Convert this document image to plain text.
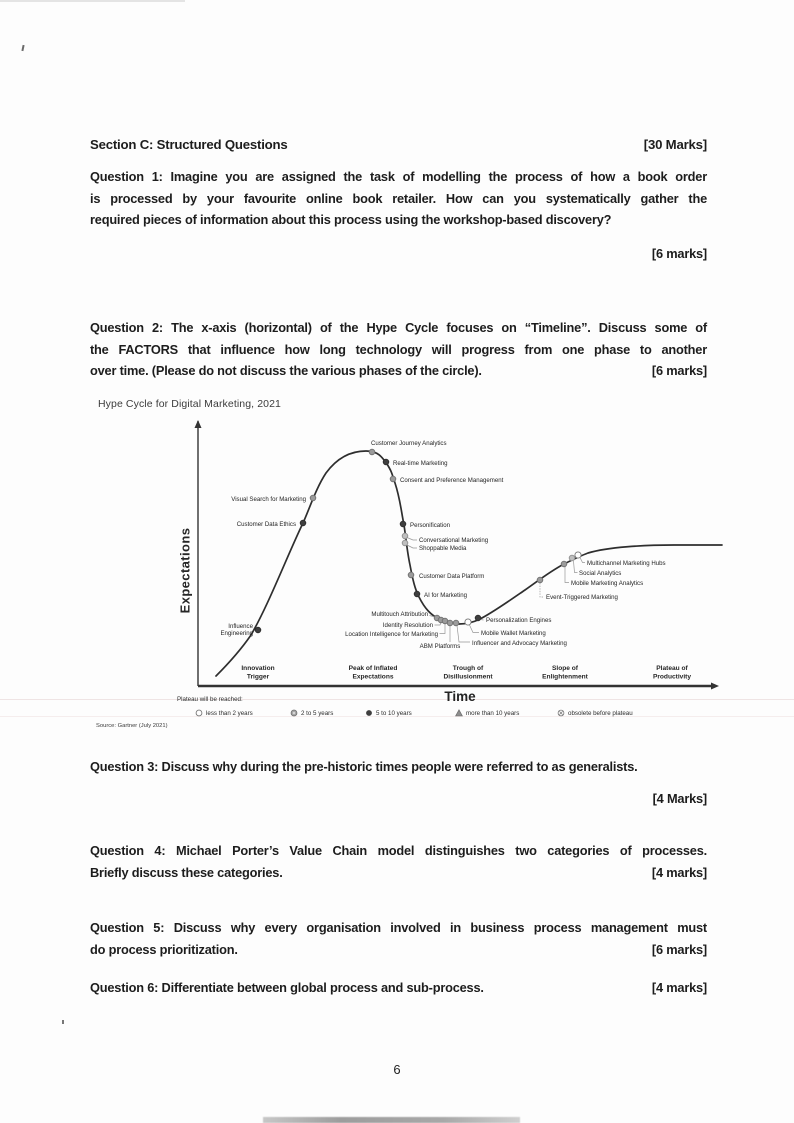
Section C: Structured Questions	[30 Marks]
Question 1: Imagine you are assigned the task of modelling the process of how a book order
is processed by your favourite online book retailer. How can you systematically gather the
required pieces of information about this process using the workshop-based discovery?
[6 marks]
Question 2: The x-axis (horizontal) of the Hype Cycle focuses on “Timeline”. Discuss some of
the FACTORS that influence how long technology will progress from one phase to another
over time. (Please do not discuss the various phases of the circle).	[6 marks]
Hype Cycle for Digital Marketing, 2021
Expectations
Innovation
Trigger
Peak of Inflated
Expectations
Trough of
Disillusionment
Slope of
Enlightenment
Plateau of
Productivity
Influence
Engineering
Customer Data Ethics
Visual Search for Marketing
Customer Journey Analytics
Real-time Marketing
Consent and Preference Management
Personification
Conversational Marketing
Shoppable Media
Customer Data Platform
AI for Marketing
Multitouch Attribution
Identity Resolution
Location Intelligence for Marketing
ABM Platforms Influencer and Advocacy Marketing
Mobile Wallet Marketing
Personalization Engines
Event-Triggered Marketing
Mobile Marketing Analytics
Social Analytics
Multichannel Marketing Hubs
Time
Plateau will be reached:
less than 2 years	2 to 5 years	5 to 10 years	more than 10 years	obsolete before plateau
Source: Gartner (July 2021)
Question 3: Discuss why during the pre-historic times people were referred to as generalists.
[4 Marks]
Question 4: Michael Porter’s Value Chain model distinguishes two categories of processes.
Briefly discuss these categories.	[4 marks]
Question 5: Discuss why every organisation involved in business process management must
do process prioritization.	[6 marks]
Question 6: Differentiate between global process and sub-process.	[4 marks]
6
